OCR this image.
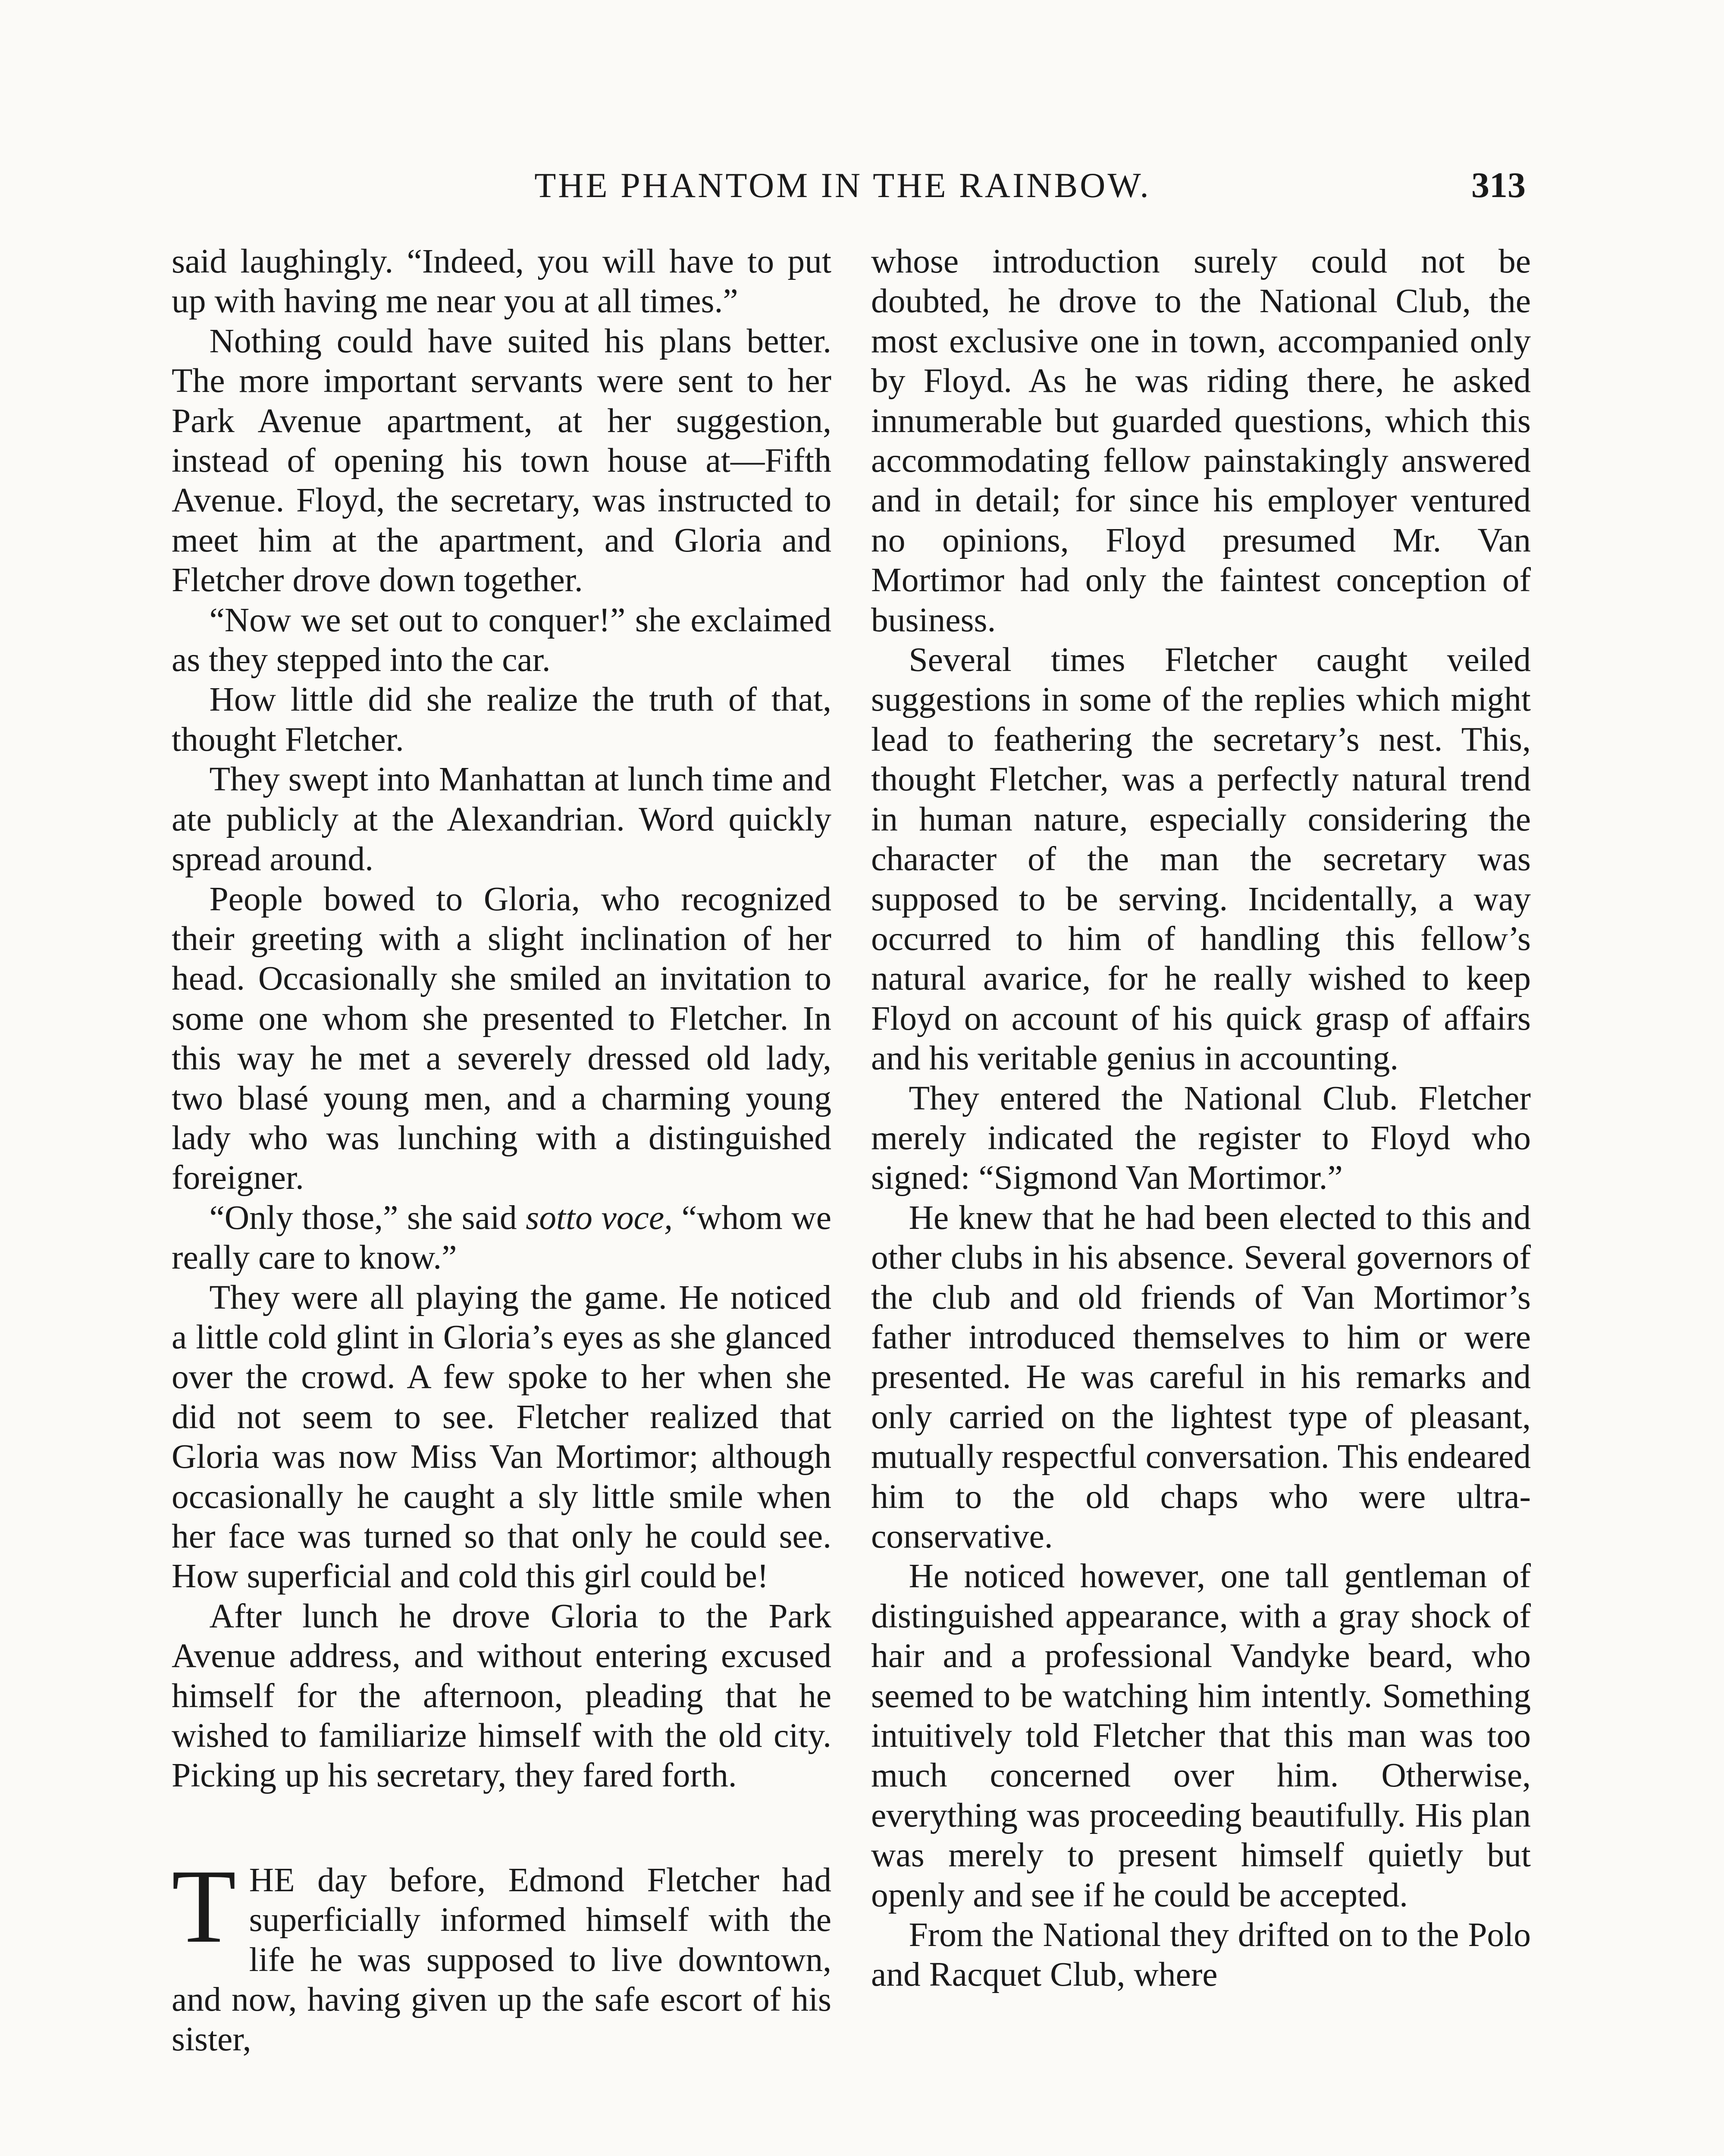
THE PHANTOM IN THE RAINBOW.	313

said laughingly. “Indeed, you will have to put up with having me near you at all times.”

Nothing could have suited his plans better. The more important servants were sent to her Park Avenue apartment, at her suggestion, instead of opening his town house at—Fifth Avenue. Floyd, the secretary, was instructed to meet him at the apartment, and Gloria and Fletcher drove down together.

“Now we set out to conquer!” she exclaimed as they stepped into the car.

How little did she realize the truth of that, thought Fletcher.

They swept into Manhattan at lunch time and ate publicly at the Alexandrian. Word quickly spread around.

People bowed to Gloria, who recognized their greeting with a slight inclination of her head. Occasionally she smiled an invitation to some one whom she presented to Fletcher. In this way he met a severely dressed old lady, two blasé young men, and a charming young lady who was lunching with a distinguished foreigner.

“Only those,” she said sotto voce, “whom we really care to know.”

They were all playing the game. He noticed a little cold glint in Gloria’s eyes as she glanced over the crowd. A few spoke to her when she did not seem to see. Fletcher realized that Gloria was now Miss Van Mortimor; although occasionally he caught a sly little smile when her face was turned so that only he could see. How superficial and cold this girl could be!

After lunch he drove Gloria to the Park Avenue address, and without entering excused himself for the afternoon, pleading that he wished to familiarize himself with the old city. Picking up his secretary, they fared forth.

THE day before, Edmond Fletcher had superficially informed himself with the life he was supposed to live downtown, and now, having given up the safe escort of his sister,

whose introduction surely could not be doubted, he drove to the National Club, the most exclusive one in town, accompanied only by Floyd. As he was riding there, he asked innumerable but guarded questions, which this accommodating fellow painstakingly answered and in detail; for since his employer ventured no opinions, Floyd presumed Mr. Van Mortimor had only the faintest conception of business.

Several times Fletcher caught veiled suggestions in some of the replies which might lead to feathering the secretary’s nest. This, thought Fletcher, was a perfectly natural trend in human nature, especially considering the character of the man the secretary was supposed to be serving. Incidentally, a way occurred to him of handling this fellow’s natural avarice, for he really wished to keep Floyd on account of his quick grasp of affairs and his veritable genius in accounting.

They entered the National Club. Fletcher merely indicated the register to Floyd who signed: “Sigmond Van Mortimor.”

He knew that he had been elected to this and other clubs in his absence. Several governors of the club and old friends of Van Mortimor’s father introduced themselves to him or were presented. He was careful in his remarks and only carried on the lightest type of pleasant, mutually respectful conversation. This endeared him to the old chaps who were ultra-conservative.

He noticed however, one tall gentleman of distinguished appearance, with a gray shock of hair and a professional Vandyke beard, who seemed to be watching him intently. Something intuitively told Fletcher that this man was too much concerned over him. Otherwise, everything was proceeding beautifully. His plan was merely to present himself quietly but openly and see if he could be accepted.

From the National they drifted on to the Polo and Racquet Club, where
